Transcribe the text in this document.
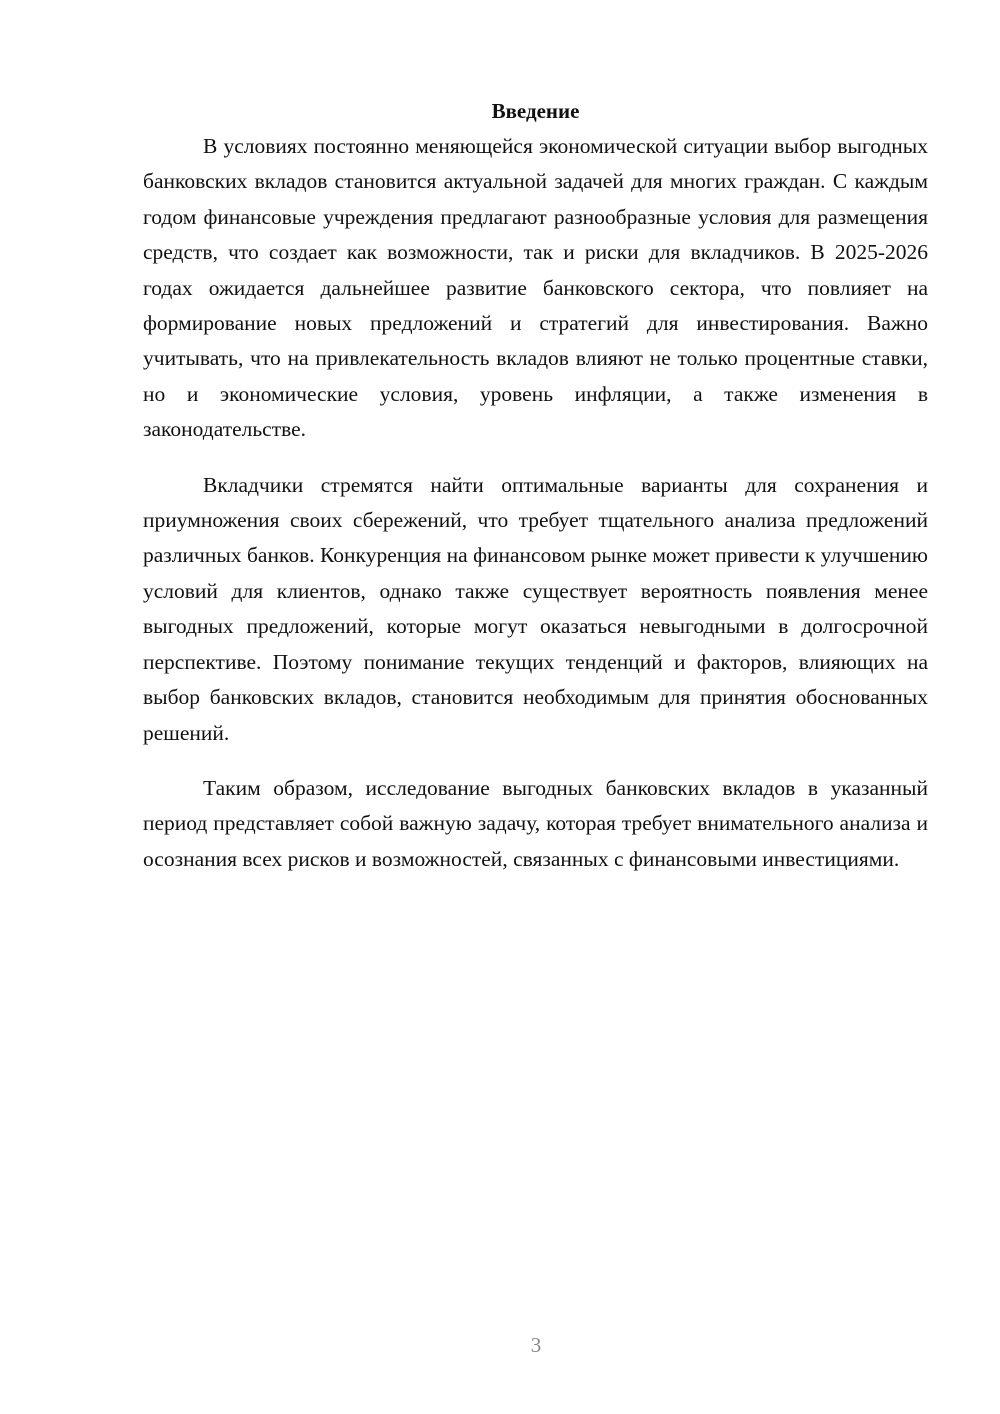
Введение

В условиях постоянно меняющейся экономической ситуации выбор выгодных банковских вкладов становится актуальной задачей для многих граждан. С каждым годом финансовые учреждения предлагают разнообразные условия для размещения средств, что создает как возможности, так и риски для вкладчиков. В 2025-2026 годах ожидается дальнейшее развитие банковского сектора, что повлияет на формирование новых предложений и стратегий для инвестирования. Важно учитывать, что на привлекательность вкладов влияют не только процентные ставки, но и экономические условия, уровень инфляции, а также изменения в законодательстве.

Вкладчики стремятся найти оптимальные варианты для сохранения и приумножения своих сбережений, что требует тщательного анализа предложений различных банков. Конкуренция на финансовом рынке может привести к улучшению условий для клиентов, однако также существует вероятность появления менее выгодных предложений, которые могут оказаться невыгодными в долгосрочной перспективе. Поэтому понимание текущих тенденций и факторов, влияющих на выбор банковских вкладов, становится необходимым для принятия обоснованных решений.

Таким образом, исследование выгодных банковских вкладов в указанный период представляет собой важную задачу, которая требует внимательного анализа и осознания всех рисков и возможностей, связанных с финансовыми инвестициями.

3
